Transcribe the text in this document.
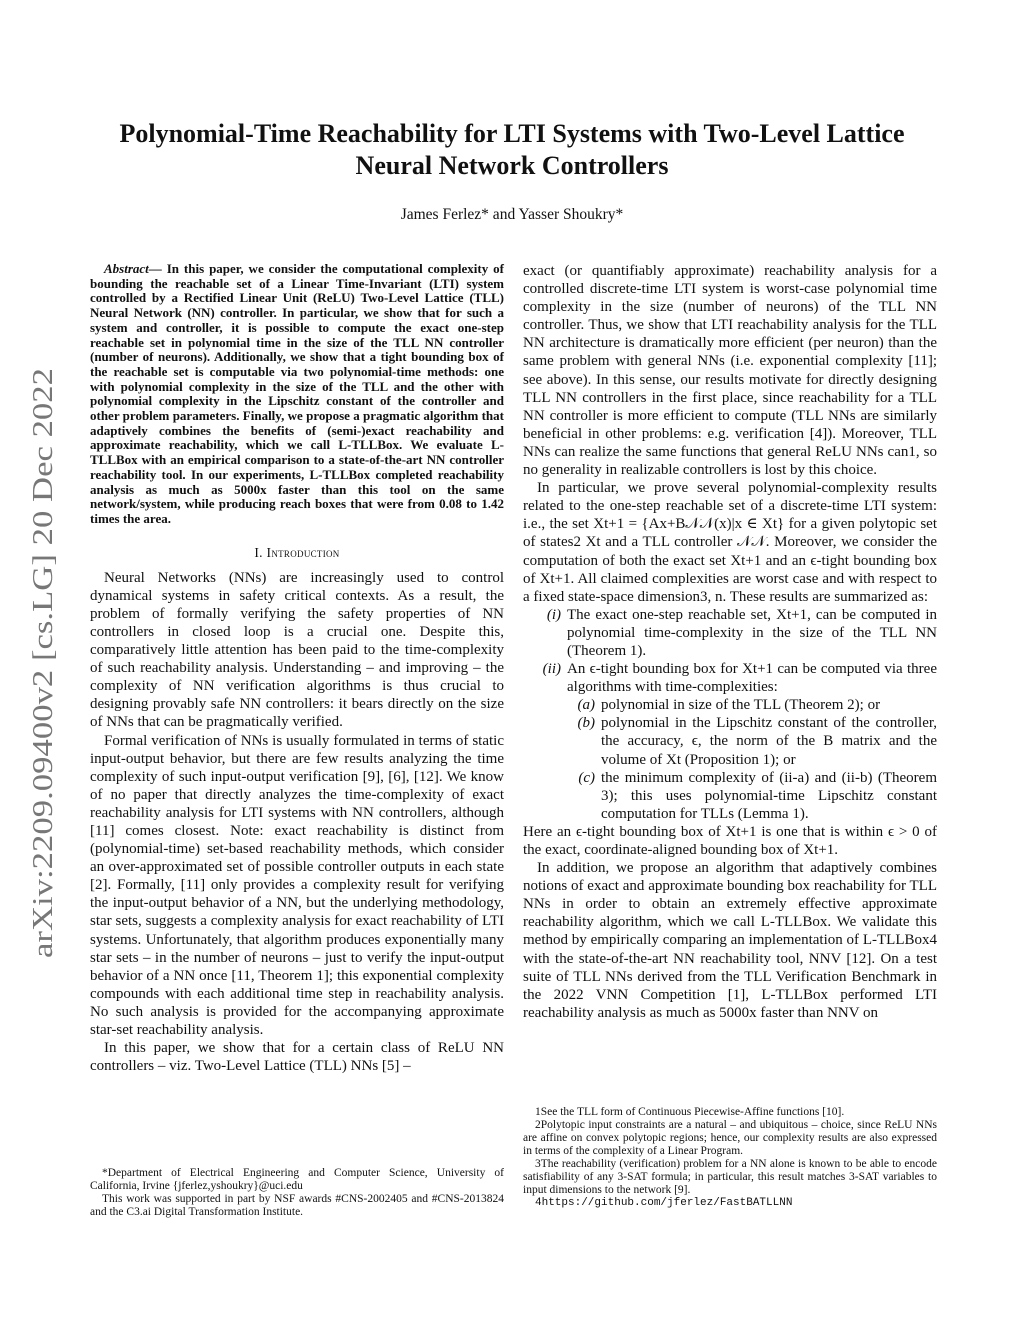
arXiv:2209.09400v2 [cs.LG] 20 Dec 2022
Polynomial-Time Reachability for LTI Systems with Two-Level Lattice
Neural Network Controllers
James Ferlez* and Yasser Shoukry*

Abstract— In this paper, we consider the computational complexity of bounding the reachable set of a Linear Time-Invariant (LTI) system controlled by a Rectified Linear Unit (ReLU) Two-Level Lattice (TLL) Neural Network (NN) controller. In particular, we show that for such a system and controller, it is possible to compute the exact one-step reachable set in polynomial time in the size of the TLL NN controller (number of neurons). Additionally, we show that a tight bounding box of the reachable set is computable via two polynomial-time methods: one with polynomial complexity in the size of the TLL and the other with polynomial complexity in the Lipschitz constant of the controller and other problem parameters. Finally, we propose a pragmatic algorithm that adaptively combines the benefits of (semi-)exact reachability and approximate reachability, which we call L-TLLBox. We evaluate L-TLLBox with an empirical comparison to a state-of-the-art NN controller reachability tool. In our experiments, L-TLLBox completed reachability analysis as much as 5000x faster than this tool on the same network/system, while producing reach boxes that were from 0.08 to 1.42 times the area.

I. Introduction

Neural Networks (NNs) are increasingly used to control dynamical systems in safety critical contexts. As a result, the problem of formally verifying the safety properties of NN controllers in closed loop is a crucial one. Despite this, comparatively little attention has been paid to the time-complexity of such reachability analysis. Understanding – and improving – the complexity of NN verification algorithms is thus crucial to designing provably safe NN controllers: it bears directly on the size of NNs that can be pragmatically verified.

Formal verification of NNs is usually formulated in terms of static input-output behavior, but there are few results analyzing the time complexity of such input-output verification [9], [6], [12]. We know of no paper that directly analyzes the time-complexity of exact reachability analysis for LTI systems with NN controllers, although [11] comes closest. Note: exact reachability is distinct from (polynomial-time) set-based reachability methods, which consider an over-approximated set of possible controller outputs in each state [2]. Formally, [11] only provides a complexity result for verifying the input-output behavior of a NN, but the underlying methodology, star sets, suggests a complexity analysis for exact reachability of LTI systems. Unfortunately, that algorithm produces exponentially many star sets – in the number of neurons – just to verify the input-output behavior of a NN once [11, Theorem 1]; this exponential complexity compounds with each additional time step in reachability analysis. No such analysis is provided for the accompanying approximate star-set reachability analysis.

In this paper, we show that for a certain class of ReLU NN controllers – viz. Two-Level Lattice (TLL) NNs [5] –

*Department of Electrical Engineering and Computer Science, University of California, Irvine {jferlez,yshoukry}@uci.edu

This work was supported in part by NSF awards #CNS-2002405 and #CNS-2013824 and the C3.ai Digital Transformation Institute.

exact (or quantifiably approximate) reachability analysis for a controlled discrete-time LTI system is worst-case polynomial time complexity in the size (number of neurons) of the TLL NN controller. Thus, we show that LTI reachability analysis for the TLL NN architecture is dramatically more efficient (per neuron) than the same problem with general NNs (i.e. exponential complexity [11]; see above). In this sense, our results motivate for directly designing TLL NN controllers in the first place, since reachability for a TLL NN controller is more efficient to compute (TLL NNs are similarly beneficial in other problems: e.g. verification [4]). Moreover, TLL NNs can realize the same functions that general ReLU NNs can1, so no generality in realizable controllers is lost by this choice.

In particular, we prove several polynomial-complexity results related to the one-step reachable set of a discrete-time LTI system: i.e., the set Xt+1 = {Ax+B𝒩𝒩(x)|x ∈ Xt} for a given polytopic set of states2 Xt and a TLL controller 𝒩𝒩. Moreover, we consider the computation of both the exact set Xt+1 and an ϵ-tight bounding box of Xt+1. All claimed complexities are worst case and with respect to a fixed state-space dimension3, n. These results are summarized as:

(i) The exact one-step reachable set, Xt+1, can be computed in polynomial time-complexity in the size of the TLL NN (Theorem 1).
(ii) An ϵ-tight bounding box for Xt+1 can be computed via three algorithms with time-complexities:
(a) polynomial in size of the TLL (Theorem 2); or
(b) polynomial in the Lipschitz constant of the controller, the accuracy, ϵ, the norm of the B matrix and the volume of Xt (Proposition 1); or
(c) the minimum complexity of (ii-a) and (ii-b) (Theorem 3); this uses polynomial-time Lipschitz constant computation for TLLs (Lemma 1).

Here an ϵ-tight bounding box of Xt+1 is one that is within ϵ > 0 of the exact, coordinate-aligned bounding box of Xt+1.

In addition, we propose an algorithm that adaptively combines notions of exact and approximate bounding box reachability for TLL NNs in order to obtain an extremely effective approximate reachability algorithm, which we call L-TLLBox. We validate this method by empirically comparing an implementation of L-TLLBox4 with the state-of-the-art NN reachability tool, NNV [12]. On a test suite of TLL NNs derived from the TLL Verification Benchmark in the 2022 VNN Competition [1], L-TLLBox performed LTI reachability analysis as much as 5000x faster than NNV on

1See the TLL form of Continuous Piecewise-Affine functions [10].

2Polytopic input constraints are a natural – and ubiquitous – choice, since ReLU NNs are affine on convex polytopic regions; hence, our complexity results are also expressed in terms of the complexity of a Linear Program.

3The reachability (verification) problem for a NN alone is known to be able to encode satisfiability of any 3-SAT formula; in particular, this result matches 3-SAT variables to input dimensions to the network [9].

4https://github.com/jferlez/FastBATLLNN
